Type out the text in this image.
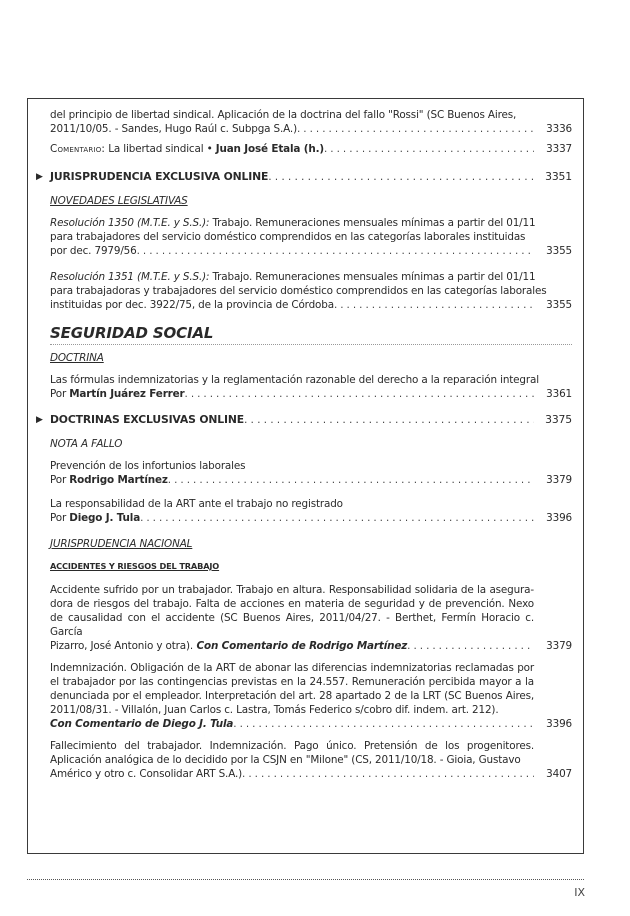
del principio de libertad sindical. Aplicación de la doctrina del fallo "Rossi" (SC Buenos Aires,
2011/10/05. - Sandes, Hugo Raúl c. Subpga S.A.) . . .	3336
Comentario: La libertad sindical • Juan José Etala (h.) . . .	3337
▶ JURISPRUDENCIA EXCLUSIVA ONLINE . . .	3351
NOVEDADES LEGISLATIVAS
Resolución 1350 (M.T.E. y S.S.): Trabajo. Remuneraciones mensuales mínimas a partir del 01/11
para trabajadores del servicio doméstico comprendidos en las categorías laborales instituidas
por dec. 7979/56 . . .	3355
Resolución 1351 (M.T.E. y S.S.): Trabajo. Remuneraciones mensuales mínimas a partir del 01/11
para trabajadoras y trabajadores del servicio doméstico comprendidos en las categorías laborales
instituidas por dec. 3922/75, de la provincia de Córdoba . . .	3355
SEGURIDAD SOCIAL
DOCTRINA
Las fórmulas indemnizatorias y la reglamentación razonable del derecho a la reparación integral
Por Martín Juárez Ferrer . . .	3361
▶ DOCTRINAS EXCLUSIVAS ONLINE . . .	3375
NOTA A FALLO
Prevención de los infortunios laborales
Por Rodrigo Martínez . . .	3379
La responsabilidad de la ART ante el trabajo no registrado
Por Diego J. Tula . . .	3396
JURISPRUDENCIA NACIONAL
ACCIDENTES Y RIESGOS DEL TRABAJO
Accidente sufrido por un trabajador. Trabajo en altura. Responsabilidad solidaria de la asegura-dora de riesgos del trabajo. Falta de acciones en materia de seguridad y de prevención. Nexo de causalidad con el accidente (SC Buenos Aires, 2011/04/27. - Berthet, Fermín Horacio c. García
Pizarro, José Antonio y otra). Con Comentario de Rodrigo Martínez . . .	3379
Indemnización. Obligación de la ART de abonar las diferencias indemnizatorias reclamadas por el trabajador por las contingencias previstas en la 24.557. Remuneración percibida mayor a la denunciada por el empleador. Interpretación del art. 28 apartado 2 de la LRT (SC Buenos Aires, 2011/08/31. - Villalón, Juan Carlos c. Lastra, Tomás Federico s/cobro dif. indem. art. 212).
Con Comentario de Diego J. Tula . . .	3396
Fallecimiento del trabajador. Indemnización. Pago único. Pretensión de los progenitores. Aplicación analógica de lo decidido por la CSJN en "Milone" (CS, 2011/10/18. - Gioia, Gustavo
Américo y otro c. Consolidar ART S.A.) . . .	3407
IX
